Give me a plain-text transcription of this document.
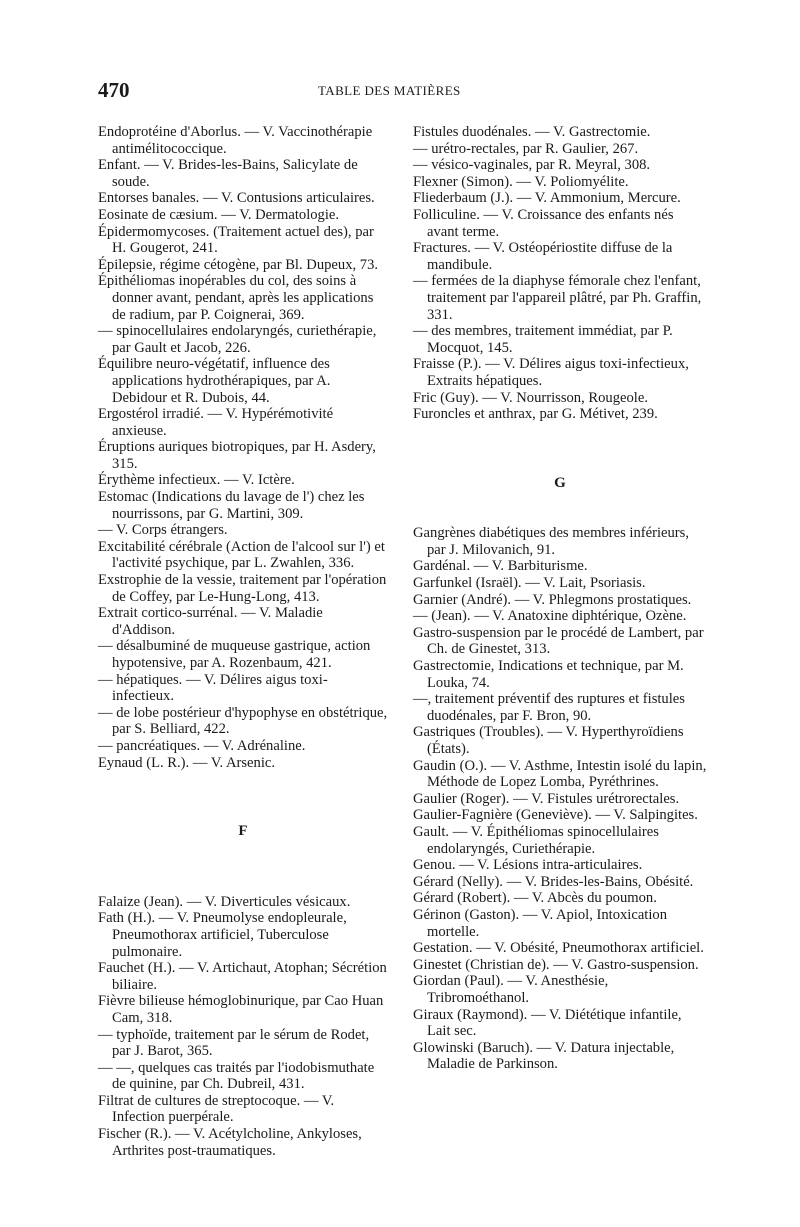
470	TABLE DES MATIÈRES

Endoprotéine d'Aborlus. — V. Vaccinothérapie antimélitococcique.

Enfant. — V. Brides-les-Bains, Salicylate de soude.

Entorses banales. — V. Contusions articulaires.

Eosinate de cæsium. — V. Dermatologie.

Épidermomycoses. (Traitement actuel des), par H. Gougerot, 241.

Épilepsie, régime cétogène, par Bl. Dupeux, 73.

Épithéliomas inopérables du col, des soins à donner avant, pendant, après les applications de radium, par P. Coignerai, 369.

— spinocellulaires endolaryngés, curiethérapie, par Gault et Jacob, 226.

Équilibre neuro-végétatif, influence des applications hydrothérapiques, par A. Debidour et R. Dubois, 44.

Ergostérol irradié. — V. Hypérémotivité anxieuse.

Éruptions auriques biotropiques, par H. Asdery, 315.

Érythème infectieux. — V. Ictère.

Estomac (Indications du lavage de l') chez les nourrissons, par G. Martini, 309.

— V. Corps étrangers.

Excitabilité cérébrale (Action de l'alcool sur l') et l'activité psychique, par L. Zwahlen, 336.

Exstrophie de la vessie, traitement par l'opération de Coffey, par Le-Hung-Long, 413.

Extrait cortico-surrénal. — V. Maladie d'Addison.

— désalbuminé de muqueuse gastrique, action hypotensive, par A. Rozenbaum, 421.

— hépatiques. — V. Délires aigus toxi-infectieux.

— de lobe postérieur d'hypophyse en obstétrique, par S. Belliard, 422.

— pancréatiques. — V. Adrénaline.

Eynaud (L. R.). — V. Arsenic.

F

Falaize (Jean). — V. Diverticules vésicaux.

Fath (H.). — V. Pneumolyse endopleurale, Pneumothorax artificiel, Tuberculose pulmonaire.

Fauchet (H.). — V. Artichaut, Atophan; Sécrétion biliaire.

Fièvre bilieuse hémoglobinurique, par Cao Huan Cam, 318.

— typhoïde, traitement par le sérum de Rodet, par J. Barot, 365.

— —, quelques cas traités par l'iodobismuthate de quinine, par Ch. Dubreil, 431.

Filtrat de cultures de streptocoque. — V. Infection puerpérale.

Fischer (R.). — V. Acétylcholine, Ankyloses, Arthrites post-traumatiques.

Fistules duodénales. — V. Gastrectomie.

— urétro-rectales, par R. Gaulier, 267.

— vésico-vaginales, par R. Meyral, 308.

Flexner (Simon). — V. Poliomyélite.

Fliederbaum (J.). — V. Ammonium, Mercure.

Folliculine. — V. Croissance des enfants nés avant terme.

Fractures. — V. Ostéopériostite diffuse de la mandibule.

— fermées de la diaphyse fémorale chez l'enfant, traitement par l'appareil plâtré, par Ph. Graffin, 331.

— des membres, traitement immédiat, par P. Mocquot, 145.

Fraisse (P.). — V. Délires aigus toxi-infectieux, Extraits hépatiques.

Fric (Guy). — V. Nourrisson, Rougeole.

Furoncles et anthrax, par G. Métivet, 239.

G

Gangrènes diabétiques des membres inférieurs, par J. Milovanich, 91.

Gardénal. — V. Barbiturisme.

Garfunkel (Israël). — V. Lait, Psoriasis.

Garnier (André). — V. Phlegmons prostatiques.

— (Jean). — V. Anatoxine diphtérique, Ozène.

Gastro-suspension par le procédé de Lambert, par Ch. de Ginestet, 313.

Gastrectomie, Indications et technique, par M. Louka, 74.

—, traitement préventif des ruptures et fistules duodénales, par F. Bron, 90.

Gastriques (Troubles). — V. Hyperthyroïdiens (États).

Gaudin (O.). — V. Asthme, Intestin isolé du lapin, Méthode de Lopez Lomba, Pyréthrines.

Gaulier (Roger). — V. Fistules urétrorectales.

Gaulier-Fagnière (Geneviève). — V. Salpingites.

Gault. — V. Épithéliomas spinocellulaires endolaryngés, Curiethérapie.

Genou. — V. Lésions intra-articulaires.

Gérard (Nelly). — V. Brides-les-Bains, Obésité.

Gérard (Robert). — V. Abcès du poumon.

Gérinon (Gaston). — V. Apiol, Intoxication mortelle.

Gestation. — V. Obésité, Pneumothorax artificiel.

Ginestet (Christian de). — V. Gastro-suspension.

Giordan (Paul). — V. Anesthésie, Tribromoéthanol.

Giraux (Raymond). — V. Diététique infantile, Lait sec.

Glowinski (Baruch). — V. Datura injectable, Maladie de Parkinson.
